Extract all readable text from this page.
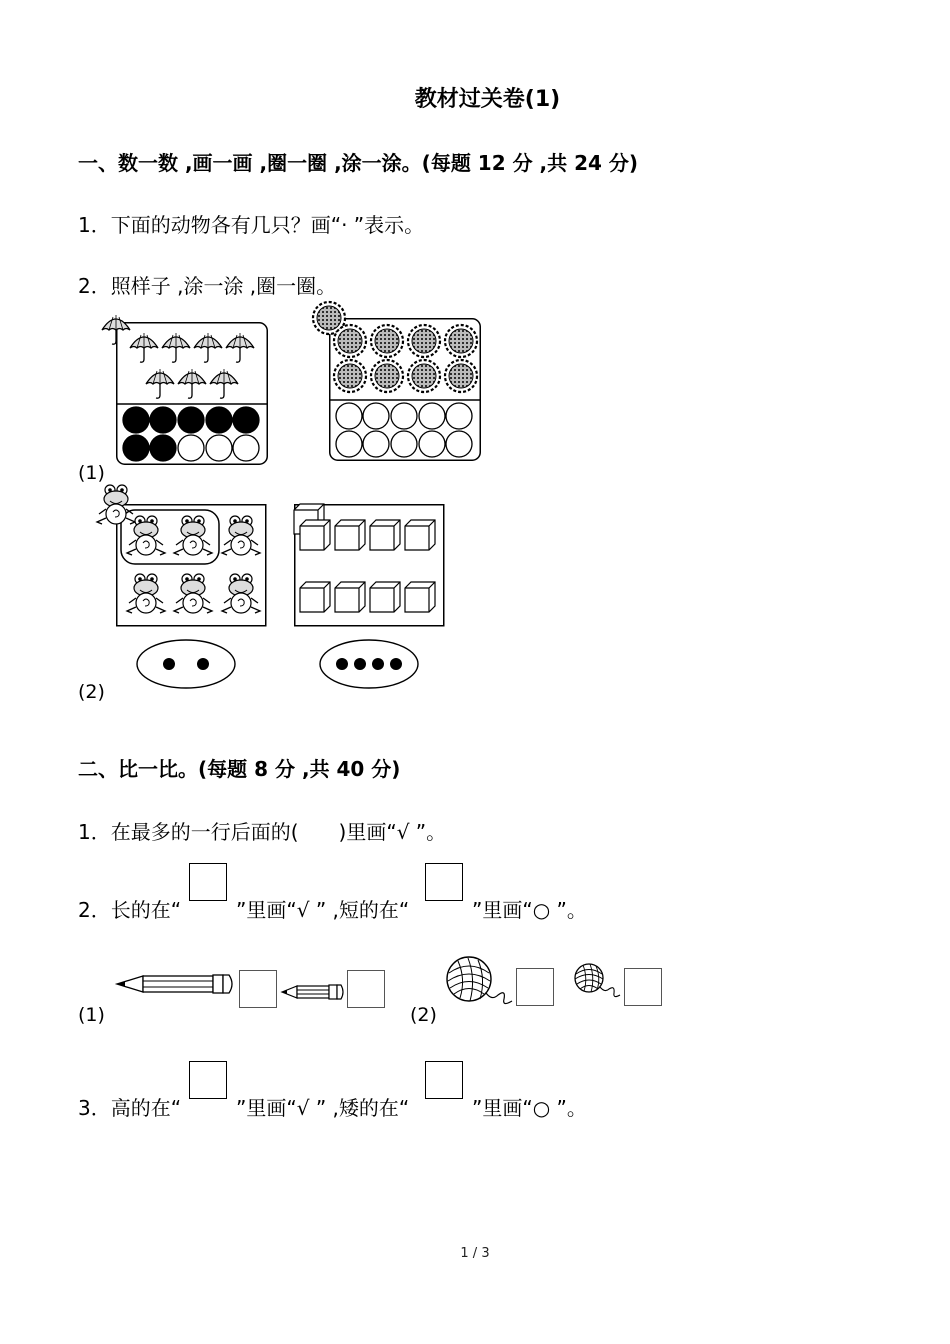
教材过关卷(1)
一、数一数 ,画一画 ,圈一圈 ,涂一涂。(每题 12 分 ,共 24 分)
1．下面的动物各有几只？画“· ”表示。
2．照样子 ,涂一涂 ,圈一圈。
(1)
(2)
二、比一比。(每题 8 分 ,共 40 分)
1．在最多的一行后面的(　　)里画“√ ”。
2．长的在“	”里画“√ ” ,短的在“	”里画“○ ”。
(1)	(2)
3．高的在“	”里画“√ ” ,矮的在“	”里画“○ ”。
1 / 3
